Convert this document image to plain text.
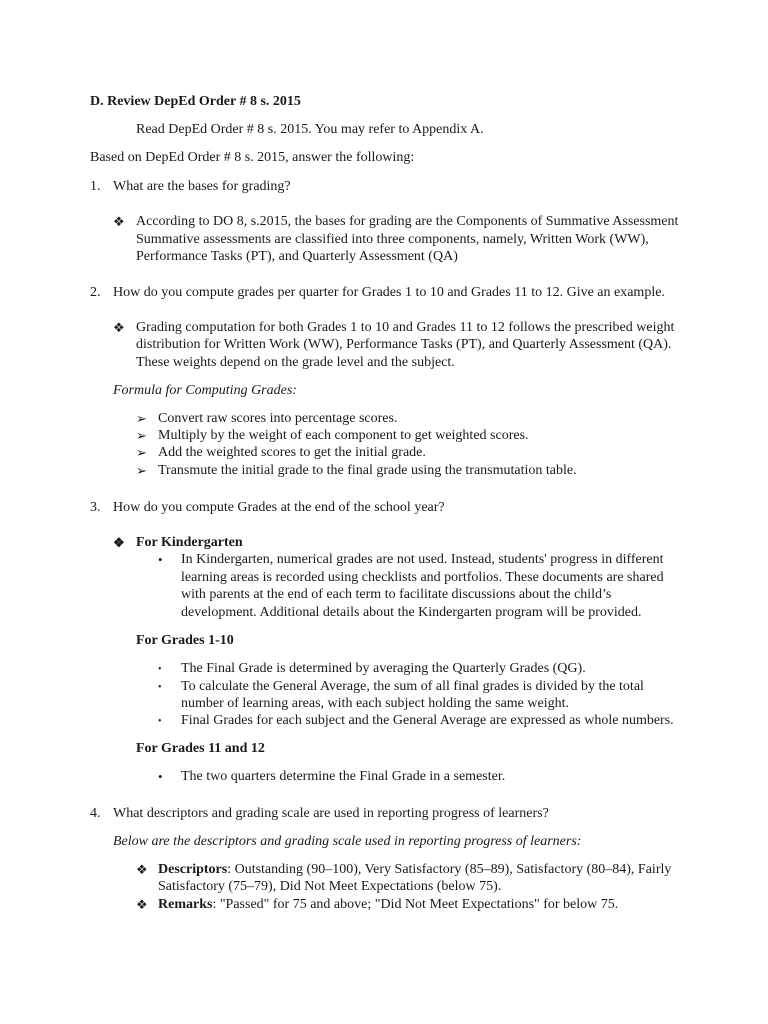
D. Review DepEd Order # 8 s. 2015

Read DepEd Order # 8 s. 2015. You may refer to Appendix A.

Based on DepEd Order # 8 s. 2015, answer the following:

1. What are the bases for grading?
❖ According to DO 8, s.2015, the bases for grading are the Components of Summative Assessment
Summative assessments are classified into three components, namely, Written Work (WW),
Performance Tasks (PT), and Quarterly Assessment (QA)
2. How do you compute grades per quarter for Grades 1 to 10 and Grades 11 to 12. Give an example.
❖ Grading computation for both Grades 1 to 10 and Grades 11 to 12 follows the prescribed weight
distribution for Written Work (WW), Performance Tasks (PT), and Quarterly Assessment (QA).
These weights depend on the grade level and the subject.
Formula for Computing Grades:
➢ Convert raw scores into percentage scores.
➢ Multiply by the weight of each component to get weighted scores.
➢ Add the weighted scores to get the initial grade.
➢ Transmute the initial grade to the final grade using the transmutation table.
3. How do you compute Grades at the end of the school year?
❖ For Kindergarten
• In Kindergarten, numerical grades are not used. Instead, students' progress in different
learning areas is recorded using checklists and portfolios. These documents are shared
with parents at the end of each term to facilitate discussions about the child’s
development. Additional details about the Kindergarten program will be provided.
For Grades 1-10
• The Final Grade is determined by averaging the Quarterly Grades (QG).
• To calculate the General Average, the sum of all final grades is divided by the total
number of learning areas, with each subject holding the same weight.
• Final Grades for each subject and the General Average are expressed as whole numbers.
For Grades 11 and 12
• The two quarters determine the Final Grade in a semester.
4. What descriptors and grading scale are used in reporting progress of learners?
Below are the descriptors and grading scale used in reporting progress of learners:
❖ Descriptors: Outstanding (90–100), Very Satisfactory (85–89), Satisfactory (80–84), Fairly
Satisfactory (75–79), Did Not Meet Expectations (below 75).
❖ Remarks: "Passed" for 75 and above; "Did Not Meet Expectations" for below 75.
